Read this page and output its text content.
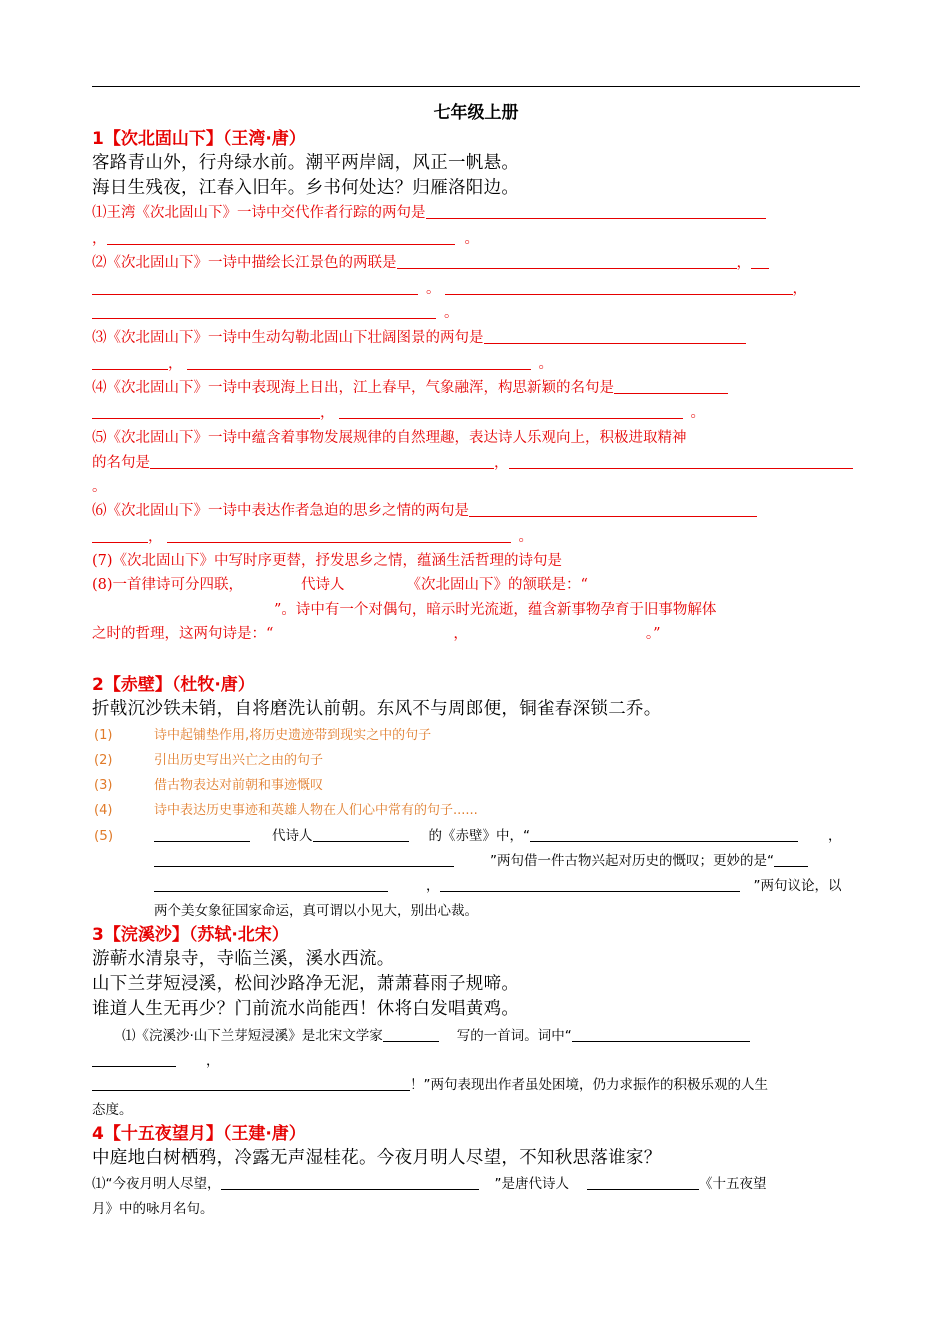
七年级上册
1【次北固山下】（王湾·唐）
客路青山外，行舟绿水前。潮平两岸阔，风正一帆悬。
海日生残夜，江春入旧年。乡书何处达？归雁洛阳边。
⑴王湾《次北固山下》一诗中交代作者行踪的两句是
，	。
⑵《次北固山下》一诗中描绘长江景色的两联是	，
。	，
。
⑶《次北固山下》一诗中生动勾勒北固山下壮阔图景的两句是
，	。
⑷《次北固山下》一诗中表现海上日出，江上春早，气象融浑，构思新颖的名句是
，	。
⑸《次北固山下》一诗中蕴含着事物发展规律的自然理趣，表达诗人乐观向上，积极进取精神
的名句是	，
。
⑹《次北固山下》一诗中表达作者急迫的思乡之情的两句是
，	。
(7)《次北固山下》中写时序更替，抒发思乡之情，蕴涵生活哲理的诗句是
(8)一首律诗可分四联，	代诗人	《次北固山下》的颔联是：“
”。诗中有一个对偶句，暗示时光流逝，蕴含新事物孕育于旧事物解体
之时的哲理，这两句诗是：“	，	。”
2【赤壁】（杜牧·唐）
折戟沉沙铁未销，自将磨洗认前朝。东风不与周郎便，铜雀春深锁二乔。
(1)	诗中起铺垫作用,将历史遗迹带到现实之中的句子
(2)	引出历史写出兴亡之由的句子
(3)	借古物表达对前朝和事迹慨叹
(4)	诗中表达历史事迹和英雄人物在人们心中常有的句子......
(5)	代诗人	的《赤壁》中，“	，
”两句借一件古物兴起对历史的慨叹；更妙的是“
，	”两句议论，以
两个美女象征国家命运，真可谓以小见大，别出心裁。
3【浣溪沙】（苏轼·北宋）
游蕲水清泉寺，寺临兰溪，溪水西流。
山下兰芽短浸溪，松间沙路净无泥，萧萧暮雨子规啼。
谁道人生无再少？门前流水尚能西！休将白发唱黄鸡。
⑴《浣溪沙·山下兰芽短浸溪》是北宋文学家	写的一首词。词中“
，
！”两句表现出作者虽处困境，仍力求振作的积极乐观的人生
态度。
4【十五夜望月】（王建·唐）
中庭地白树栖鸦，冷露无声湿桂花。今夜月明人尽望，不知秋思落谁家？
⑴“今夜月明人尽望，	”是唐代诗人	《十五夜望
月》中的咏月名句。
